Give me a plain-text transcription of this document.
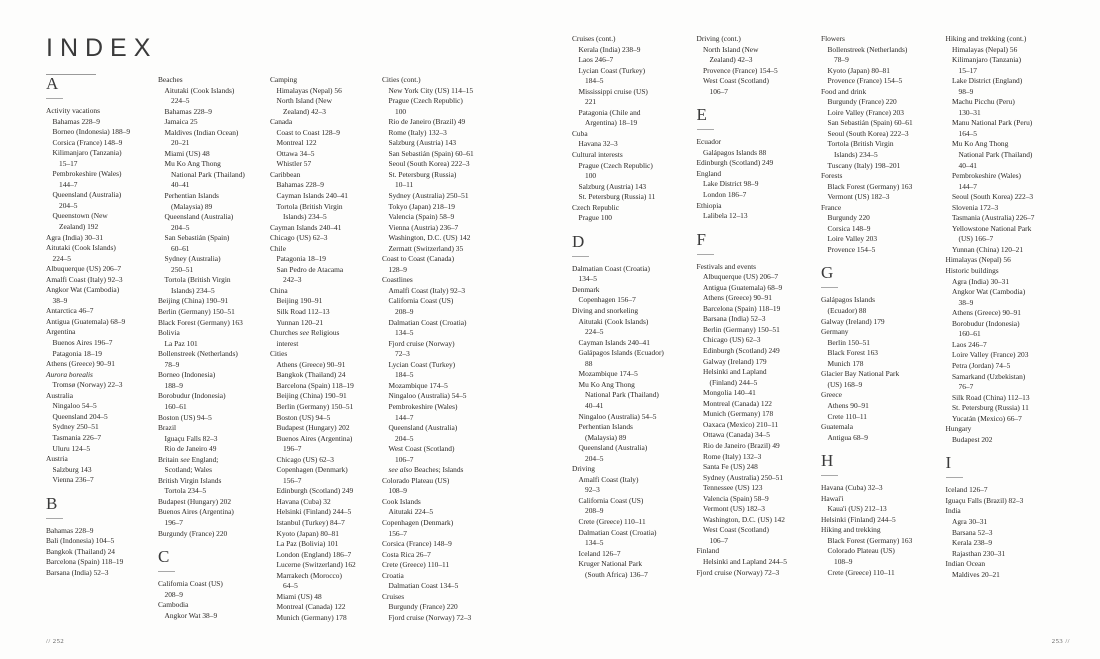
INDEX
A
Activity vacations
Bahamas 228–9
Borneo (Indonesia) 188–9
Corsica (France) 148–9
Kilimanjaro (Tanzania)
15–17
Pembrokeshire (Wales)
144–7
Queensland (Australia)
204–5
Queenstown (New
Zealand) 192
Agra (India) 30–31
Aitutaki (Cook Islands)
224–5
Albuquerque (US) 206–7
Amalfi Coast (Italy) 92–3
Angkor Wat (Cambodia)
38–9
Antarctica 46–7
Antigua (Guatemala) 68–9
Argentina
Buenos Aires 196–7
Patagonia 18–19
Athens (Greece) 90–91
Aurora borealis
Tromsø (Norway) 22–3
Australia
Ningaloo 54–5
Queensland 204–5
Sydney 250–51
Tasmania 226–7
Uluru 124–5
Austria
Salzburg 143
Vienna 236–7
B
Bahamas 228–9
Bali (Indonesia) 104–5
Bangkok (Thailand) 24
Barcelona (Spain) 118–19
Barsana (India) 52–3
Beaches
Aitutaki (Cook Islands)
224–5
Bahamas 228–9
Jamaica 25
Maldives (Indian Ocean)
20–21
Miami (US) 48
Mu Ko Ang Thong
National Park (Thailand)
40–41
Perhentian Islands
(Malaysia) 89
Queensland (Australia)
204–5
San Sebastián (Spain)
60–61
Sydney (Australia)
250–51
Tortola (British Virgin
Islands) 234–5
Beijing (China) 190–91
Berlin (Germany) 150–51
Black Forest (Germany) 163
Bolivia
La Paz 101
Bollenstreek (Netherlands)
78–9
Borneo (Indonesia)
188–9
Borobudur (Indonesia)
160–61
Boston (US) 94–5
Brazil
Iguaçu Falls 82–3
Rio de Janeiro 49
Britain see England;
Scotland; Wales
British Virgin Islands
Tortola 234–5
Budapest (Hungary) 202
Buenos Aires (Argentina)
196–7
Burgundy (France) 220
C
California Coast (US)
208–9
Cambodia
Angkor Wat 38–9
Camping
Himalayas (Nepal) 56
North Island (New
Zealand) 42–3
Canada
Coast to Coast 128–9
Montreal 122
Ottawa 34–5
Whistler 57
Caribbean
Bahamas 228–9
Cayman Islands 240–41
Tortola (British Virgin
Islands) 234–5
Cayman Islands 240–41
Chicago (US) 62–3
Chile
Patagonia 18–19
San Pedro de Atacama
242–3
China
Beijing 190–91
Silk Road 112–13
Yunnan 120–21
Churches see Religious
interest
Cities
Athens (Greece) 90–91
Bangkok (Thailand) 24
Barcelona (Spain) 118–19
Beijing (China) 190–91
Berlin (Germany) 150–51
Boston (US) 94–5
Budapest (Hungary) 202
Buenos Aires (Argentina)
196–7
Chicago (US) 62–3
Copenhagen (Denmark)
156–7
Edinburgh (Scotland) 249
Havana (Cuba) 32
Helsinki (Finland) 244–5
Istanbul (Turkey) 84–7
Kyoto (Japan) 80–81
La Paz (Bolivia) 101
London (England) 186–7
Lucerne (Switzerland) 162
Marrakech (Morocco)
64–5
Miami (US) 48
Montreal (Canada) 122
Munich (Germany) 178
Cities (cont.)
New York City (US) 114–15
Prague (Czech Republic)
100
Rio de Janeiro (Brazil) 49
Rome (Italy) 132–3
Salzburg (Austria) 143
San Sebastián (Spain) 60–61
Seoul (South Korea) 222–3
St. Petersburg (Russia)
10–11
Sydney (Australia) 250–51
Tokyo (Japan) 218–19
Valencia (Spain) 58–9
Vienna (Austria) 236–7
Washington, D.C. (US) 142
Zermatt (Switzerland) 35
Coast to Coast (Canada)
128–9
Coastlines
Amalfi Coast (Italy) 92–3
California Coast (US)
208–9
Dalmatian Coast (Croatia)
134–5
Fjord cruise (Norway)
72–3
Lycian Coast (Turkey)
184–5
Mozambique 174–5
Ningaloo (Australia) 54–5
Pembrokeshire (Wales)
144–7
Queensland (Australia)
204–5
West Coast (Scotland)
106–7
see also Beaches; Islands
Colorado Plateau (US)
108–9
Cook Islands
Aitutaki 224–5
Copenhagen (Denmark)
156–7
Corsica (France) 148–9
Costa Rica 26–7
Crete (Greece) 110–11
Croatia
Dalmatian Coast 134–5
Cruises
Burgundy (France) 220
Fjord cruise (Norway) 72–3
// 252
Cruises (cont.)
Kerala (India) 238–9
Laos 246–7
Lycian Coast (Turkey)
184–5
Mississippi cruise (US)
221
Patagonia (Chile and
Argentina) 18–19
Cuba
Havana 32–3
Cultural interests
Prague (Czech Republic)
100
Salzburg (Austria) 143
St. Petersburg (Russia) 11
Czech Republic
Prague 100
D
Dalmatian Coast (Croatia)
134–5
Denmark
Copenhagen 156–7
Diving and snorkeling
Aitutaki (Cook Islands)
224–5
Cayman Islands 240–41
Galápagos Islands (Ecuador)
88
Mozambique 174–5
Mu Ko Ang Thong
National Park (Thailand)
40–41
Ningaloo (Australia) 54–5
Perhentian Islands
(Malaysia) 89
Queensland (Australia)
204–5
Driving
Amalfi Coast (Italy)
92–3
California Coast (US)
208–9
Crete (Greece) 110–11
Dalmatian Coast (Croatia)
134–5
Iceland 126–7
Kruger National Park
(South Africa) 136–7
Driving (cont.)
North Island (New
Zealand) 42–3
Provence (France) 154–5
West Coast (Scotland)
106–7
E
Ecuador
Galápagos Islands 88
Edinburgh (Scotland) 249
England
Lake District 98–9
London 186–7
Ethiopia
Lalibela 12–13
F
Festivals and events
Albuquerque (US) 206–7
Antigua (Guatemala) 68–9
Athens (Greece) 90–91
Barcelona (Spain) 118–19
Barsana (India) 52–3
Berlin (Germany) 150–51
Chicago (US) 62–3
Edinburgh (Scotland) 249
Galway (Ireland) 179
Helsinki and Lapland
(Finland) 244–5
Mongolia 140–41
Montreal (Canada) 122
Munich (Germany) 178
Oaxaca (Mexico) 210–11
Ottawa (Canada) 34–5
Rio de Janeiro (Brazil) 49
Rome (Italy) 132–3
Santa Fe (US) 248
Sydney (Australia) 250–51
Tennessee (US) 123
Valencia (Spain) 58–9
Vermont (US) 182–3
Washington, D.C. (US) 142
West Coast (Scotland)
106–7
Finland
Helsinki and Lapland 244–5
Fjord cruise (Norway) 72–3
Flowers
Bollenstreek (Netherlands)
78–9
Kyoto (Japan) 80–81
Provence (France) 154–5
Food and drink
Burgundy (France) 220
Loire Valley (France) 203
San Sebastián (Spain) 60–61
Seoul (South Korea) 222–3
Tortola (British Virgin
Islands) 234–5
Tuscany (Italy) 198–201
Forests
Black Forest (Germany) 163
Vermont (US) 182–3
France
Burgundy 220
Corsica 148–9
Loire Valley 203
Provence 154–5
G
Galápagos Islands
(Ecuador) 88
Galway (Ireland) 179
Germany
Berlin 150–51
Black Forest 163
Munich 178
Glacier Bay National Park
(US) 168–9
Greece
Athens 90–91
Crete 110–11
Guatemala
Antigua 68–9
H
Havana (Cuba) 32–3
Hawai'i
Kaua'i (US) 212–13
Helsinki (Finland) 244–5
Hiking and trekking
Black Forest (Germany) 163
Colorado Plateau (US)
108–9
Crete (Greece) 110–11
Hiking and trekking (cont.)
Himalayas (Nepal) 56
Kilimanjaro (Tanzania)
15–17
Lake District (England)
98–9
Machu Picchu (Peru)
130–31
Manu National Park (Peru)
164–5
Mu Ko Ang Thong
National Park (Thailand)
40–41
Pembrokeshire (Wales)
144–7
Seoul (South Korea) 222–3
Slovenia 172–3
Tasmania (Australia) 226–7
Yellowstone National Park
(US) 166–7
Yunnan (China) 120–21
Himalayas (Nepal) 56
Historic buildings
Agra (India) 30–31
Angkor Wat (Cambodia)
38–9
Athens (Greece) 90–91
Borobudur (Indonesia)
160–61
Laos 246–7
Loire Valley (France) 203
Petra (Jordan) 74–5
Samarkand (Uzbekistan)
76–7
Silk Road (China) 112–13
St. Petersburg (Russia) 11
Yucatán (Mexico) 66–7
Hungary
Budapest 202
I
Iceland 126–7
Iguaçu Falls (Brazil) 82–3
India
Agra 30–31
Barsana 52–3
Kerala 238–9
Rajasthan 230–31
Indian Ocean
Maldives 20–21
253 //
